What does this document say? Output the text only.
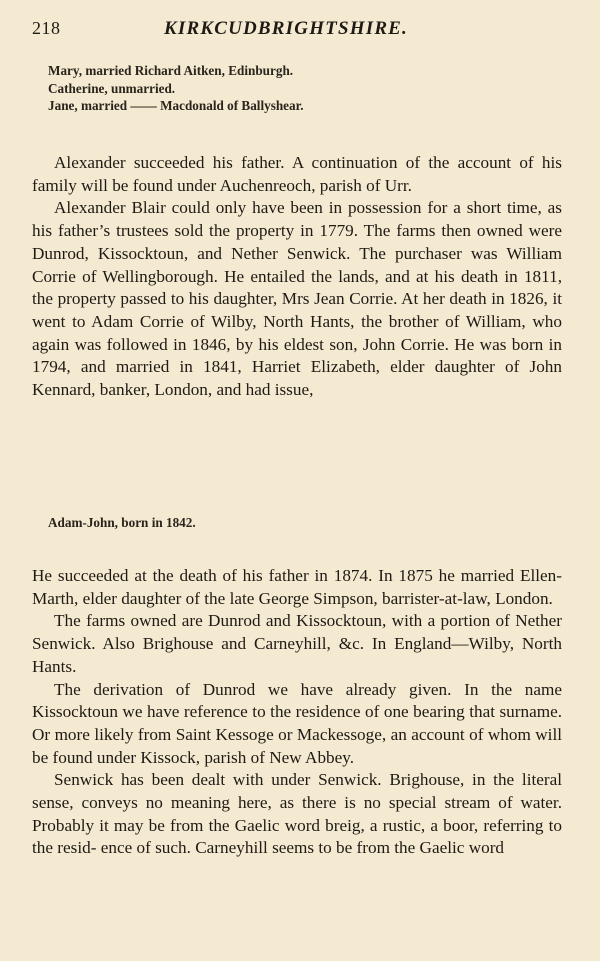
218	KIRKCUDBRIGHTSHIRE.
Mary, married Richard Aitken, Edinburgh.
Catherine, unmarried.
Jane, married —— Macdonald of Ballyshear.

Alexander succeeded his father. A continuation of the account of his family will be found under Auchenreoch, parish of Urr.

Alexander Blair could only have been in possession for a short time, as his father’s trustees sold the property in 1779. The farms then owned were Dunrod, Kissocktoun, and Nether Senwick. The purchaser was William Corrie of Wellingborough. He entailed the lands, and at his death in 1811, the property passed to his daughter, Mrs Jean Corrie. At her death in 1826, it went to Adam Corrie of Wilby, North Hants, the brother of William, who again was followed in 1846, by his eldest son, John Corrie. He was born in 1794, and married in 1841, Harriet Elizabeth, elder daughter of John Kennard, banker, London, and had issue,

Adam-John, born in 1842.

He succeeded at the death of his father in 1874. In 1875 he married Ellen-Marth, elder daughter of the late George Simpson, barrister-at-law, London.

The farms owned are Dunrod and Kissocktoun, with a portion of Nether Senwick. Also Brighouse and Carneyhill, &c. In England—Wilby, North Hants.

The derivation of Dunrod we have already given. In the name Kissocktoun we have reference to the residence of one bearing that surname. Or more likely from Saint Kessoge or Mackessoge, an account of whom will be found under Kissock, parish of New Abbey.

Senwick has been dealt with under Senwick. Brighouse, in the literal sense, conveys no meaning here, as there is no special stream of water. Probably it may be from the Gaelic word breig, a rustic, a boor, referring to the resid- ence of such. Carneyhill seems to be from the Gaelic word
